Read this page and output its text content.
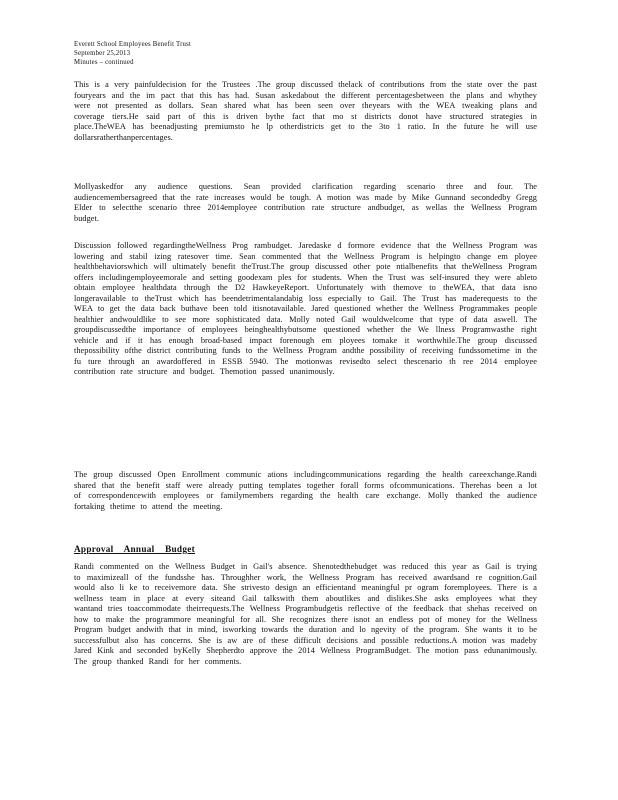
Everett School Employees Benefit Trust
September 25,2013
Minutes – continued

This is a very painfuldecision for the Trustees .The group discussed thelack of contributions from the state over the past fouryears and the im pact that this has had. Susan askedabout the different percentagesbetween the plans and whythey were not presented as dollars. Sean shared what has been seen over theyears with the WEA tweaking plans and coverage tiers.He said part of this is driven bythe fact that mo st districts donot have structured strategies in place.TheWEA has beenadjusting premiumsto he lp otherdistricts get to the 3to 1 ratio. In the future he will use dollarsratherthanpercentages.

Mollyaskedfor any audience questions. Sean provided clarification regarding scenario three and four. The audiencemembersagreed that the rate increases would be tough. A motion was made by Mike Gunnand secondedby Gregg Elder to selectthe scenario three 2014employee contribution rate structure andbudget, as wellas the Wellness Program budget.

Discussion followed regardingtheWellness Prog rambudget. Jaredaske d formore evidence that the Wellness Program was lowering and stabil izing ratesover time. Sean commented that the Wellness Program is helpingto change em ployee healthbehaviorswhich will ultimately benefit theTrust.The group discussed other pote ntialbenefits that theWellness Program offers includingemployeemorale and setting goodexam ples for students. When the Trust was self-insured they were ableto obtain employee healthdata through the D2 HawkeyeReport. Unfortunately with themove to theWEA, that data isno longeravailable to theTrust which has beendetrimentalandabig loss especially to Gail. The Trust has maderequests to the WEA to get the data back buthave been told itisnotavailable. Jared questioned whether the Wellness Programmakes people healthier andwouldlike to see more sophisticated data. Molly noted Gail wouldwelcome that type of data aswell. The groupdiscussedthe importance of employees beinghealthybutsome questioned whether the We llness Programwasthe right vehicle and if it has enough broad-based impact forenough em ployees tomake it worthwhile.The group discussed thepossibility ofthe district contributing funds to the Wellness Program andthe possibility of receiving fundssometime in the fu ture through an awardoffered in ESSB 5940. The motionwas revisedto select thescenario th ree 2014 employee contribution rate structure and budget. Themotion passed unanimously.

The group discussed Open Enrollment communic ations includingcommunications regarding the health careexchange.Randi shared that the benefit staff were already putting templates together forall forms ofcommunications. Therehas been a lot of correspondencewith employees or familymembers regarding the health care exchange. Molly thanked the audience fortaking thetime to attend the meeting.

Approval Annual Budget

Randi commented on the Wellness Budget in Gail's absence. Shenotedthebudget was reduced this year as Gail is trying to maximizeall of the fundsshe has. Throughher work, the Wellness Program has received awardsand re cognition.Gail would also li ke to receivemore data. She strivesto design an efficientand meaningful pr ogram foremployees. There is a wellness team in place at every siteand Gail talkswith them aboutlikes and dislikes.She asks employees what they wantand tries toaccommodate theirrequests.The Wellness Programbudgetis reflective of the feedback that shehas received on how to make the programmore meaningful for all. She recognizes there isnot an endless pot of money for the Wellness Program budget andwith that in mind, isworking towards the duration and lo ngevity of the program. She wants it to be successfulbut also has concerns. She is aw are of these difficult decisions and possible reductions.A motion was madeby Jared Kink and seconded byKelly Shepherdto approve the 2014 Wellness ProgramBudget. The motion pass edunanimously. The group thanked Randi for her comments.
